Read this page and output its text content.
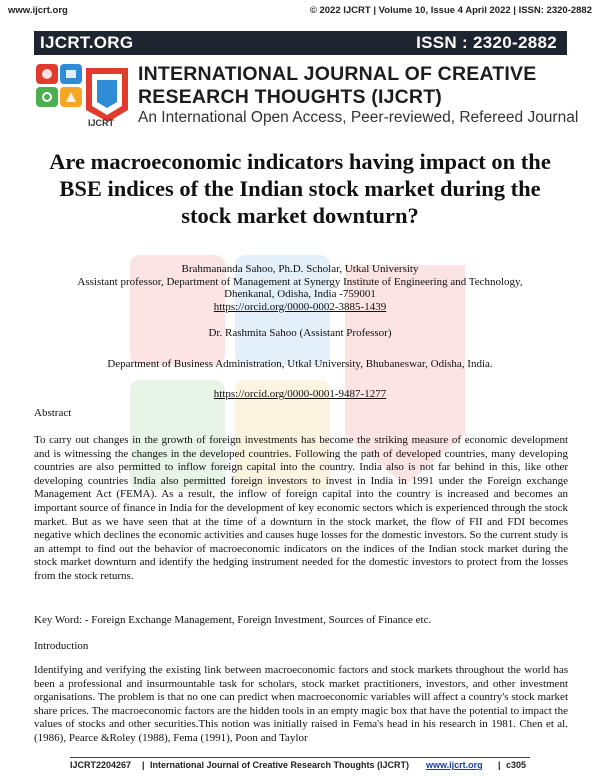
www.ijcrt.org	© 2022 IJCRT | Volume 10, Issue 4 April 2022 | ISSN: 2320-2882
IJCRT.ORG	ISSN : 2320-2882
IJCRT
INTERNATIONAL JOURNAL OF CREATIVE
RESEARCH THOUGHTS (IJCRT)
An International Open Access, Peer-reviewed, Refereed Journal
Are macroeconomic indicators having impact on the
BSE indices of the Indian stock market during the
stock market downturn?
Brahmananda Sahoo, Ph.D. Scholar, Utkal University
Assistant professor, Department of Management at Synergy Institute of Engineering and Technology,
Dhenkanal, Odisha, India -759001
https://orcid.org/0000-0002-3885-1439
Dr. Rashmita Sahoo (Assistant Professor)
Department of Business Administration, Utkal University, Bhubaneswar, Odisha, India.
https://orcid.org/0000-0001-9487-1277
Abstract
To carry out changes in the growth of foreign investments has become the striking measure of economic development and is witnessing the changes in the developed countries. Following the path of developed countries, many developing countries are also permitted to inflow foreign capital into the country. India also is not far behind in this, like other developing countries India also permitted foreign investors to invest in India in 1991 under the Foreign exchange Management Act (FEMA). As a result, the inflow of foreign capital into the country is increased and becomes an important source of finance in India for the development of key economic sectors which is experienced through the stock market. But as we have seen that at the time of a downturn in the stock market, the flow of FII and FDI becomes negative which declines the economic activities and causes huge losses for the domestic investors. So the current study is an attempt to find out the behavior of macroeconomic indicators on the indices of the Indian stock market during the stock market downturn and identify the hedging instrument needed for the domestic investors to protect from the losses from the stock returns.
Key Word: - Foreign Exchange Management, Foreign Investment, Sources of Finance etc.
Introduction
Identifying and verifying the existing link between macroeconomic factors and stock markets throughout the world has been a professional and insurmountable task for scholars, stock market practitioners, investors, and other investment organisations. The problem is that no one can predict when macroeconomic variables will affect a country's stock market share prices. The macroeconomic factors are the hidden tools in an empty magic box that have the potential to impact the values of stocks and other securities.This notion was initially raised in Fema's head in his research in 1981. Chen et al. (1986), Pearce &Roley (1988), Fema (1991), Poon and Taylor
IJCRT2204267 | International Journal of Creative Research Thoughts (IJCRT) www.ijcrt.org | c305
